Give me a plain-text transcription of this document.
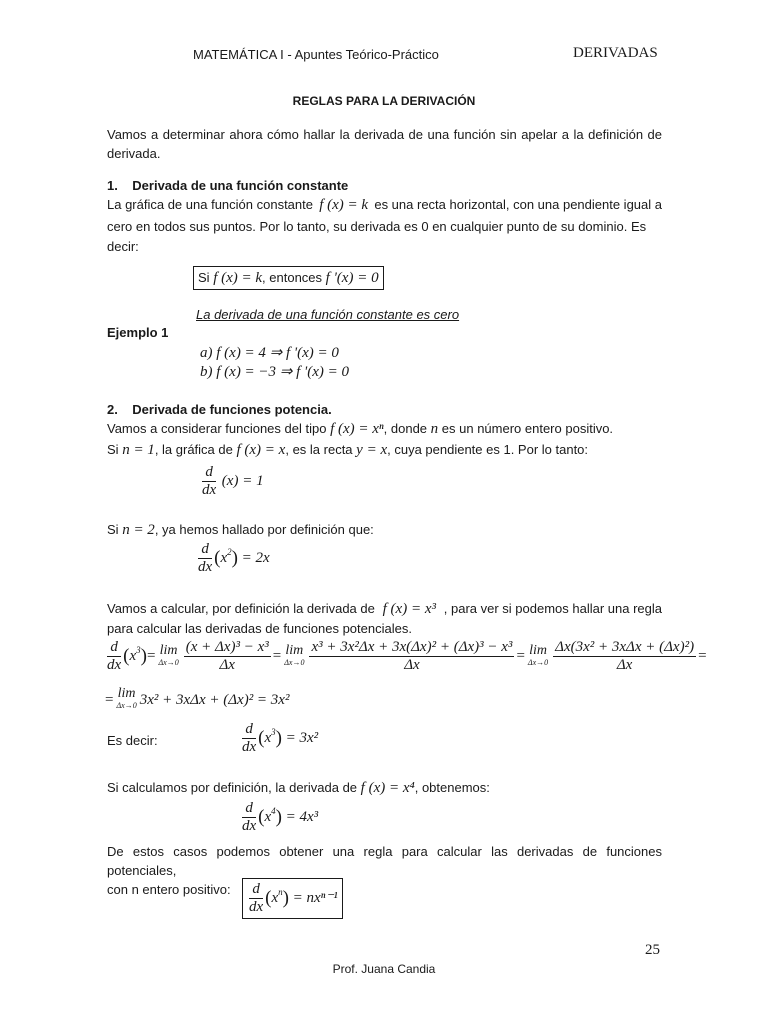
MATEMÁTICA I - Apuntes Teórico-Práctico	DERIVADAS
REGLAS PARA LA DERIVACIÓN
Vamos a determinar ahora cómo hallar la derivada de una función sin apelar a la definición de derivada.
1.    Derivada de una función constante
La gráfica de una función constante f (x) = k es una recta horizontal, con una pendiente igual a
cero en todos sus puntos. Por lo tanto, su derivada es 0 en cualquier punto de su dominio. Es
decir:
Si f (x) = k, entonces f '(x) = 0
La derivada de una función constante es cero
Ejemplo 1
a) f (x) = 4 ⇒ f '(x) = 0
b) f (x) = −3 ⇒ f '(x) = 0
2.    Derivada de funciones potencia.
Vamos a considerar funciones del tipo f (x) = xⁿ, donde n es un número entero positivo.
Si n = 1, la gráfica de f (x) = x, es la recta y = x, cuya pendiente es 1. Por lo tanto:
$\frac{d}{dx} (x) = 1$
Si n = 2, ya hemos hallado por definición que:
$\frac{d}{dx} (x^2) = 2x$
Vamos a calcular, por definición la derivada de f (x) = x³ , para ver si podemos hallar una regla
para calcular las derivadas de funciones potenciales.
$\frac{d}{dx} (x^3)= \lim$
$\Delta x\to 0 \frac{\text{(x + Δx)³ − x³}}{\Delta x} = \lim$
$\Delta x\to 0 \frac{\text{x³ + 3x²Δx + 3x(Δx)² + (Δx)³ − x³}}{\Delta x} = \lim$
$\Delta x\to 0 \frac{\text{Δx(3x² + 3xΔx + (Δx)²)}}{\Delta x}$ =
= lim
Δx→0 3x² + 3xΔx + (Δx)² = 3x²
Es decir:	$\frac{d}{dx} (x^3) = 3x^2$
Si calculamos por definición, la derivada de f (x) = x⁴, obtenemos:
$\frac{d}{dx} (x^4) = 4x^3$
De estos casos podemos obtener una regla para calcular las derivadas de funciones potenciales,
con n entero positivo:	$\frac{d}{dx} (x^n) = nx^{n-1}$
25
Prof. Juana Candia
